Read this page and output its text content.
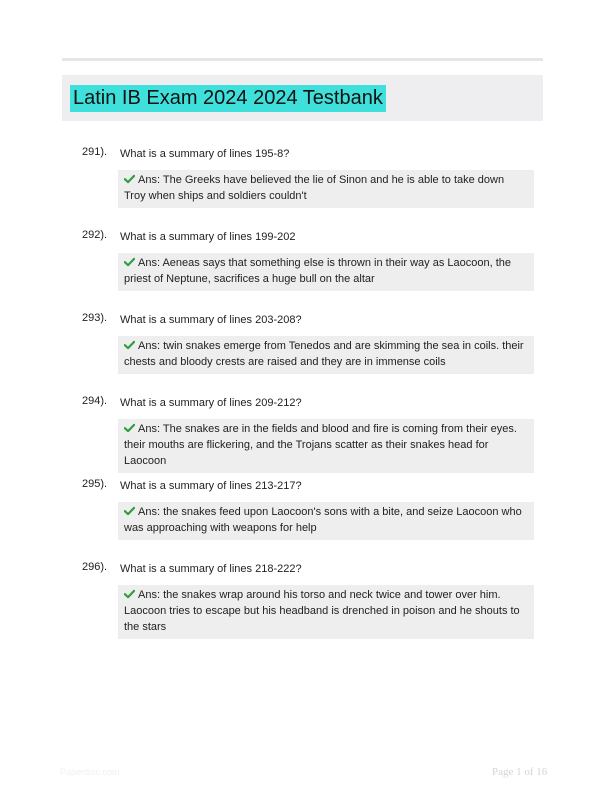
Latin IB Exam 2024 2024 Testbank
291). What is a summary of lines 195-8?
Ans: The Greeks have believed the lie of Sinon and he is able to take down Troy when ships and soldiers couldn't
292). What is a summary of lines 199-202
Ans: Aeneas says that something else is thrown in their way as Laocoon, the priest of Neptune, sacrifices a huge bull on the altar
293). What is a summary of lines 203-208?
Ans: twin snakes emerge from Tenedos and are skimming the sea in coils. their chests and bloody crests are raised and they are in immense coils
294). What is a summary of lines 209-212?
Ans: The snakes are in the fields and blood and fire is coming from their eyes. their mouths are flickering, and the Trojans scatter as their snakes head for Laocoon
295). What is a summary of lines 213-217?
Ans: the snakes feed upon Laocoon's sons with a bite, and seize Laocoon who was approaching with weapons for help
296). What is a summary of lines 218-222?
Ans: the snakes wrap around his torso and neck twice and tower over him. Laocoon tries to escape but his headband is drenched in poison and he shouts to the stars
Paperdisc.com	Page 1 of 16
